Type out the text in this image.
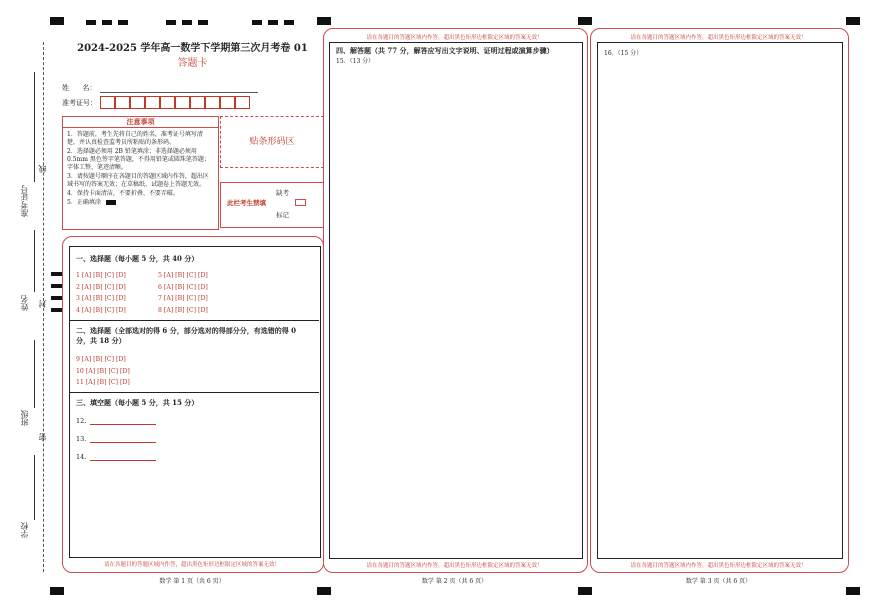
准考证号
线
姓名 封
班级
密
学校
2024-2025 学年高一数学下学期第三次月考卷 01
答题卡
姓      名：
准考证号：
注意事项
1．答题前，考生先将自己的姓名，准考证号填写清楚，并认真检查监考员所粘贴的条形码。
2．选择题必须用 2B 铅笔填涂；非选择题必须用 0.5mm 黑色签字笔答题，不得用铅笔或圆珠笔答题；字体工整、笔迹清晰。
3．请按题号顺序在各题目的答题区域内作答，超出区域书写的答案无效；在草稿纸、试题卷上答题无效。
4．保持卡面清洁，不要折叠、不要弄破。
5．正确填涂
贴条形码区
此栏考生禁填
缺考
标记
一、选择题（每小题 5 分，共 40 分）
1 [A] [B] [C] [D]
2 [A] [B] [C] [D]
3 [A] [B] [C] [D]
4 [A] [B] [C] [D]
5 [A] [B] [C] [D]
6 [A] [B] [C] [D]
7 [A] [B] [C] [D]
8 [A] [B] [C] [D]
二、选择题（全部选对的得 6 分，部分选对的得部分分，有选错的得 0
分，共 18 分）
9 [A] [B] [C] [D]
10 [A] [B] [C] [D]
11 [A] [B] [C] [D]
三、填空题（每小题 5 分，共 15 分）
12.
13.
14.
请在各题目的答题区域内作答，超出黑色矩形边框限定区域的答案无效！
请在各题目的答题区域内作答，超出黑色矩形边框限定区域的答案无效！
四、解答题（共 77 分，解答应写出文字说明、证明过程或演算步骤）
15．（13 分）
请在各题目的答题区域内作答，超出黑色矩形边框限定区域的答案无效！
请在各题目的答题区域内作答，超出黑色矩形边框限定区域的答案无效！
16．（15 分）
请在各题目的答题区域内作答，超出黑色矩形边框限定区域的答案无效！
数学 第 1 页（共 6 页）	数学 第 2 页（共 6 页）	数学 第 3 页（共 6 页）
